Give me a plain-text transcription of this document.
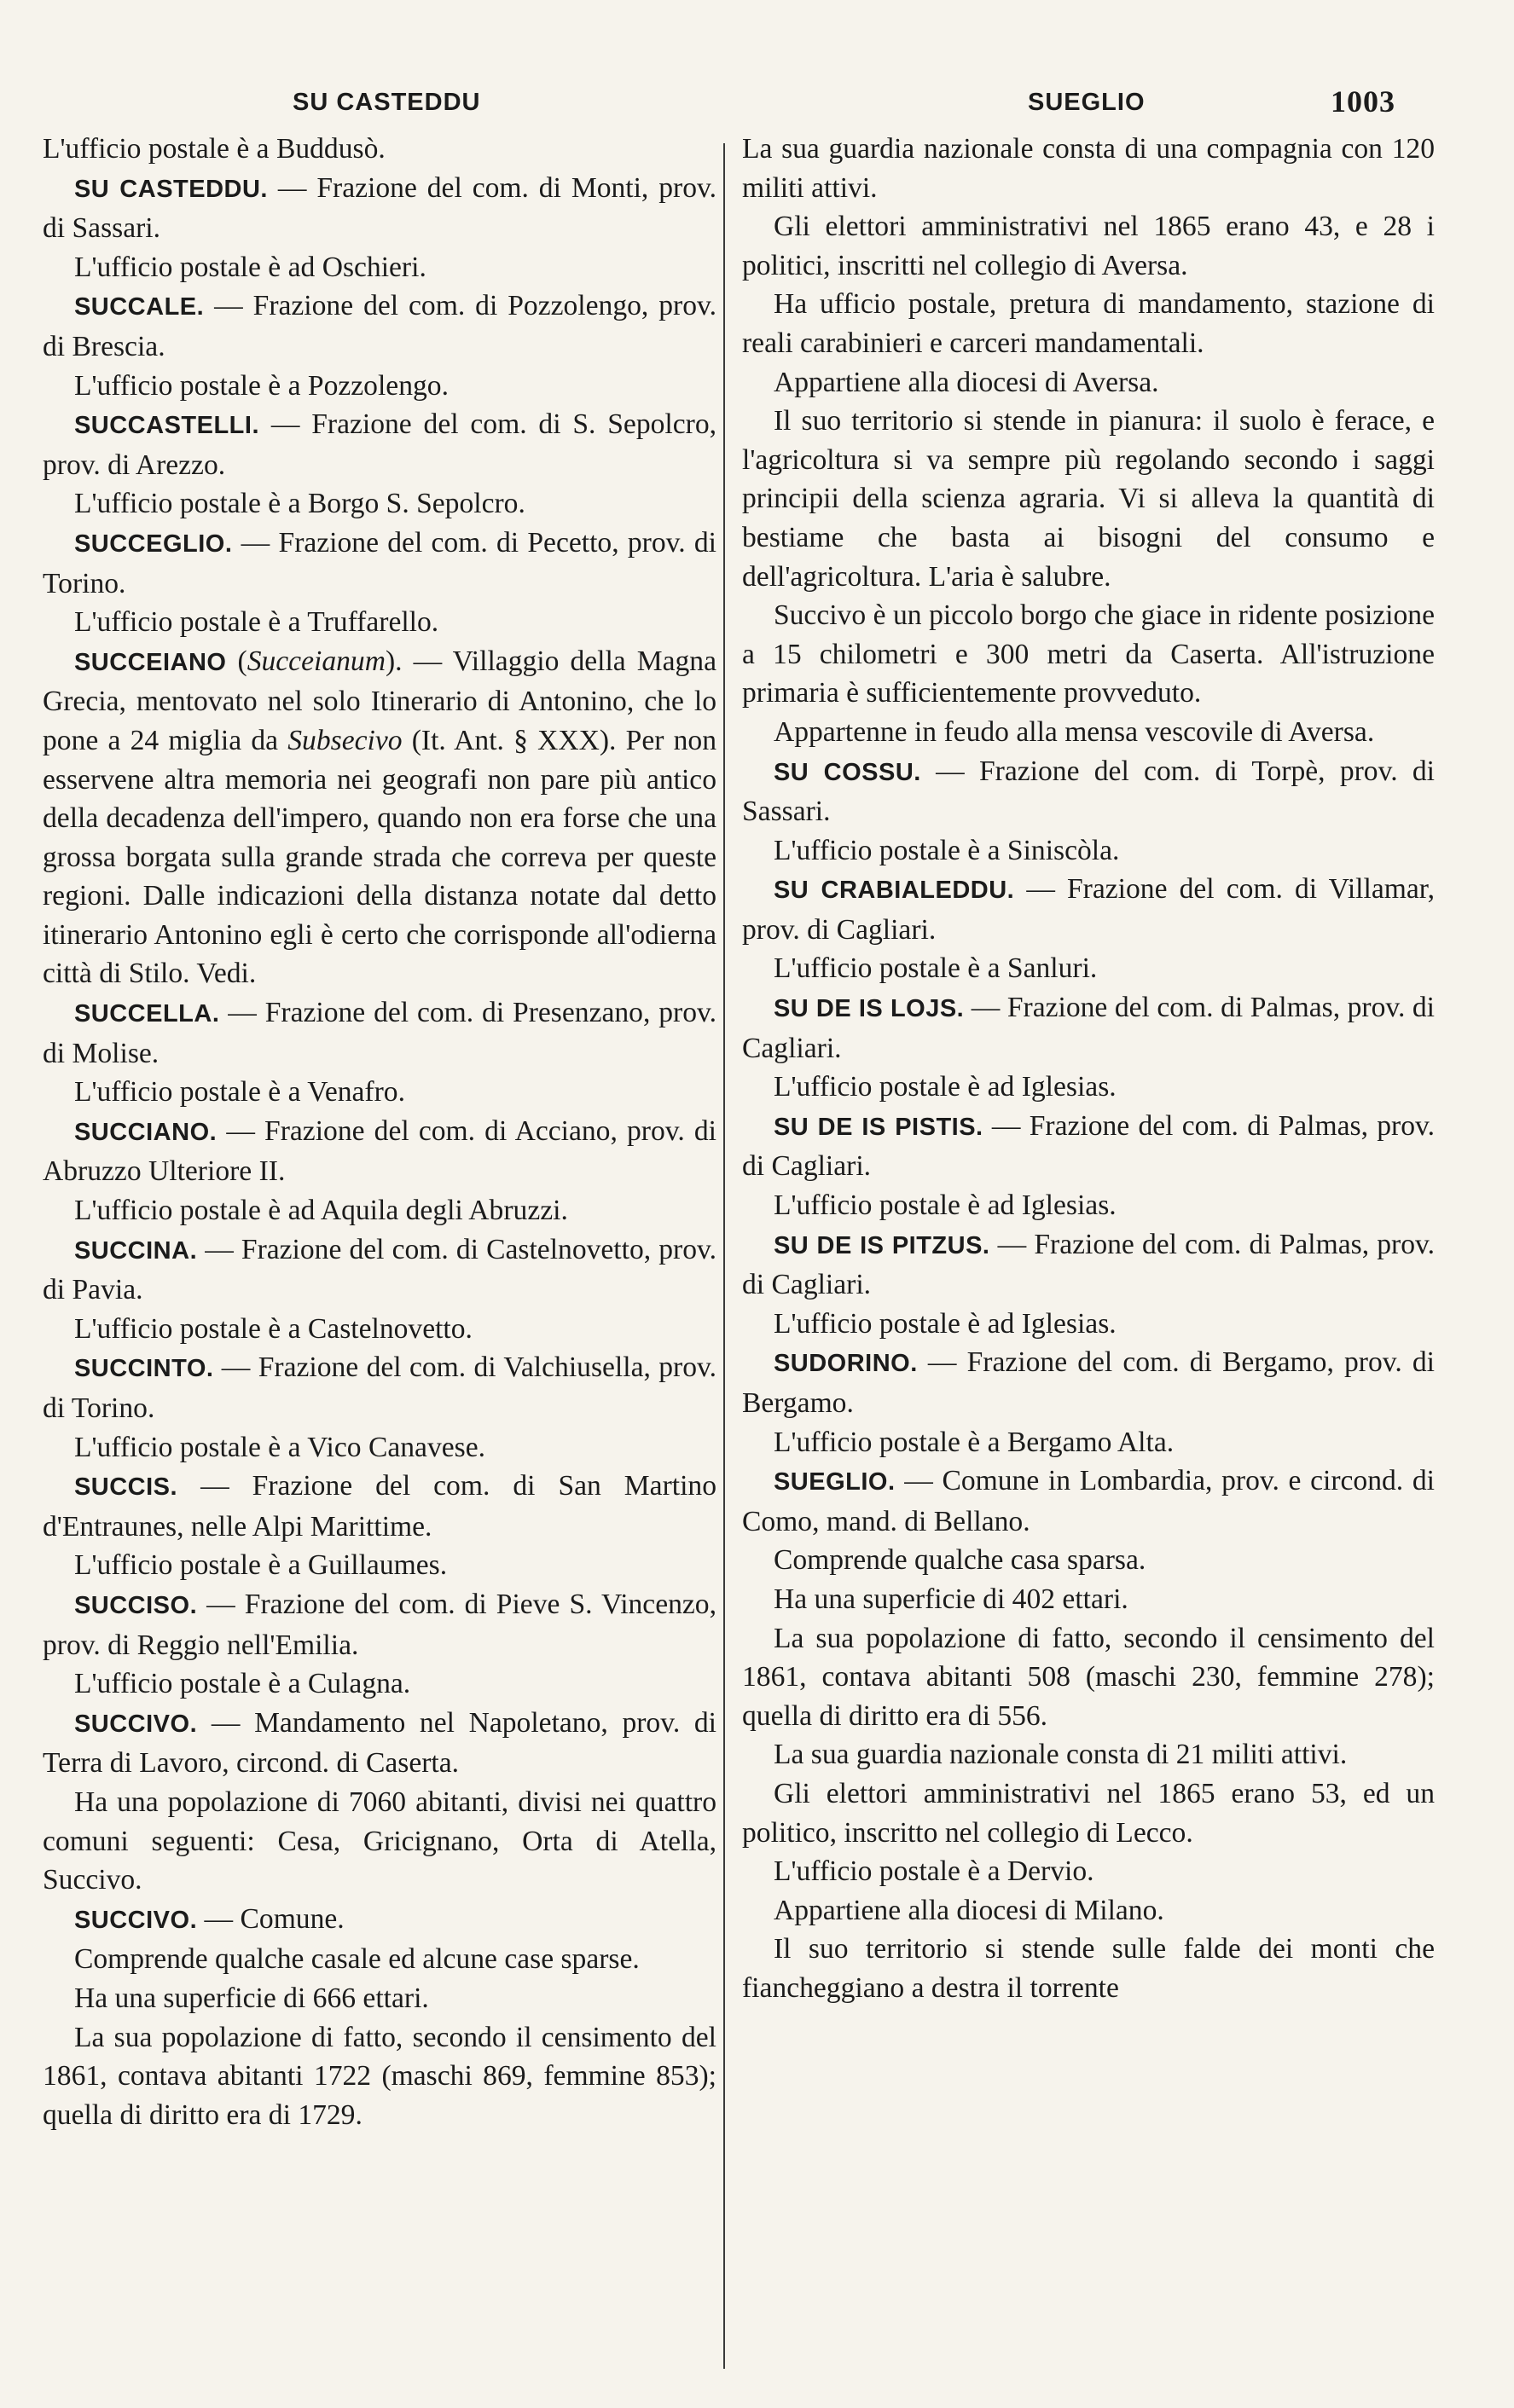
SU CASTEDDU	SUEGLIO	1003

L'ufficio postale è a Buddusò.

SU CASTEDDU. — Frazione del com. di Monti, prov. di Sassari.

L'ufficio postale è ad Oschieri.

SUCCALE. — Frazione del com. di Pozzolengo, prov. di Brescia.

L'ufficio postale è a Pozzolengo.

SUCCASTELLI. — Frazione del com. di S. Sepolcro, prov. di Arezzo.

L'ufficio postale è a Borgo S. Sepolcro.

SUCCEGLIO. — Frazione del com. di Pecetto, prov. di Torino.

L'ufficio postale è a Truffarello.

SUCCEIANO (Succeianum). — Villaggio della Magna Grecia, mentovato nel solo Itinerario di Antonino, che lo pone a 24 miglia da Subsecivo (It. Ant. § XXX). Per non esservene altra memoria nei geografi non pare più antico della decadenza dell'impero, quando non era forse che una grossa borgata sulla grande strada che correva per queste regioni. Dalle indicazioni della distanza notate dal detto itinerario Antonino egli è certo che corrisponde all'odierna città di Stilo. Vedi.

SUCCELLA. — Frazione del com. di Presenzano, prov. di Molise.

L'ufficio postale è a Venafro.

SUCCIANO. — Frazione del com. di Acciano, prov. di Abruzzo Ulteriore II.

L'ufficio postale è ad Aquila degli Abruzzi.

SUCCINA. — Frazione del com. di Castelnovetto, prov. di Pavia.

L'ufficio postale è a Castelnovetto.

SUCCINTO. — Frazione del com. di Valchiusella, prov. di Torino.

L'ufficio postale è a Vico Canavese.

SUCCIS. — Frazione del com. di San Martino d'Entraunes, nelle Alpi Marittime.

L'ufficio postale è a Guillaumes.

SUCCISO. — Frazione del com. di Pieve S. Vincenzo, prov. di Reggio nell'Emilia.

L'ufficio postale è a Culagna.

SUCCIVO. — Mandamento nel Napoletano, prov. di Terra di Lavoro, circond. di Caserta.

Ha una popolazione di 7060 abitanti, divisi nei quattro comuni seguenti: Cesa, Gricignano, Orta di Atella, Succivo.

SUCCIVO. — Comune.

Comprende qualche casale ed alcune case sparse.

Ha una superficie di 666 ettari.

La sua popolazione di fatto, secondo il censimento del 1861, contava abitanti 1722 (maschi 869, femmine 853); quella di diritto era di 1729.

La sua guardia nazionale consta di una compagnia con 120 militi attivi.

Gli elettori amministrativi nel 1865 erano 43, e 28 i politici, inscritti nel collegio di Aversa.

Ha ufficio postale, pretura di mandamento, stazione di reali carabinieri e carceri mandamentali.

Appartiene alla diocesi di Aversa.

Il suo territorio si stende in pianura: il suolo è ferace, e l'agricoltura si va sempre più regolando secondo i saggi principii della scienza agraria. Vi si alleva la quantità di bestiame che basta ai bisogni del consumo e dell'agricoltura. L'aria è salubre.

Succivo è un piccolo borgo che giace in ridente posizione a 15 chilometri e 300 metri da Caserta. All'istruzione primaria è sufficientemente provveduto.

Appartenne in feudo alla mensa vescovile di Aversa.

SU COSSU. — Frazione del com. di Torpè, prov. di Sassari.

L'ufficio postale è a Siniscòla.

SU CRABIALEDDU. — Frazione del com. di Villamar, prov. di Cagliari.

L'ufficio postale è a Sanluri.

SU DE IS LOJS. — Frazione del com. di Palmas, prov. di Cagliari.

L'ufficio postale è ad Iglesias.

SU DE IS PISTIS. — Frazione del com. di Palmas, prov. di Cagliari.

L'ufficio postale è ad Iglesias.

SU DE IS PITZUS. — Frazione del com. di Palmas, prov. di Cagliari.

L'ufficio postale è ad Iglesias.

SUDORINO. — Frazione del com. di Bergamo, prov. di Bergamo.

L'ufficio postale è a Bergamo Alta.

SUEGLIO. — Comune in Lombardia, prov. e circond. di Como, mand. di Bellano.

Comprende qualche casa sparsa.

Ha una superficie di 402 ettari.

La sua popolazione di fatto, secondo il censimento del 1861, contava abitanti 508 (maschi 230, femmine 278); quella di diritto era di 556.

La sua guardia nazionale consta di 21 militi attivi.

Gli elettori amministrativi nel 1865 erano 53, ed un politico, inscritto nel collegio di Lecco.

L'ufficio postale è a Dervio.

Appartiene alla diocesi di Milano.

Il suo territorio si stende sulle falde dei monti che fiancheggiano a destra il torrente
